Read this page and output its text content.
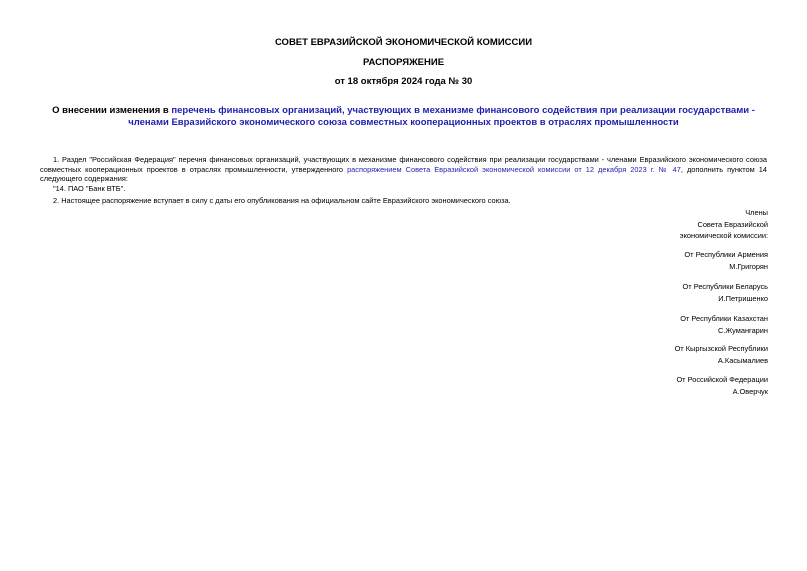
СОВЕТ ЕВРАЗИЙСКОЙ ЭКОНОМИЧЕСКОЙ КОМИССИИ
РАСПОРЯЖЕНИЕ
от 18 октября 2024 года № 30
О внесении изменения в перечень финансовых организаций, участвующих в механизме финансового содействия при реализации государствами - членами Евразийского экономического союза совместных кооперационных проектов в отраслях промышленности

1. Раздел "Российская Федерация" перечня финансовых организаций, участвующих в механизме финансового содействия при реализации государствами - членами Евразийского экономического союза совместных кооперационных проектов в отраслях промышленности, утвержденного распоряжением Совета Евразийской экономической комиссии от 12 декабря 2023 г. № 47, дополнить пунктом 14 следующего содержания:

"14. ПАО "Банк ВТБ".

2. Настоящее распоряжение вступает в силу с даты его опубликования на официальном сайте Евразийского экономического союза.

Члены
Совета Евразийской
экономической комиссии:
От Республики Армения
М.Григорян
От Республики Беларусь
И.Петришенко
От Республики Казахстан
С.Жумангарин
От Кыргызской Республики
А.Касымалиев
От Российской Федерации
А.Оверчук
